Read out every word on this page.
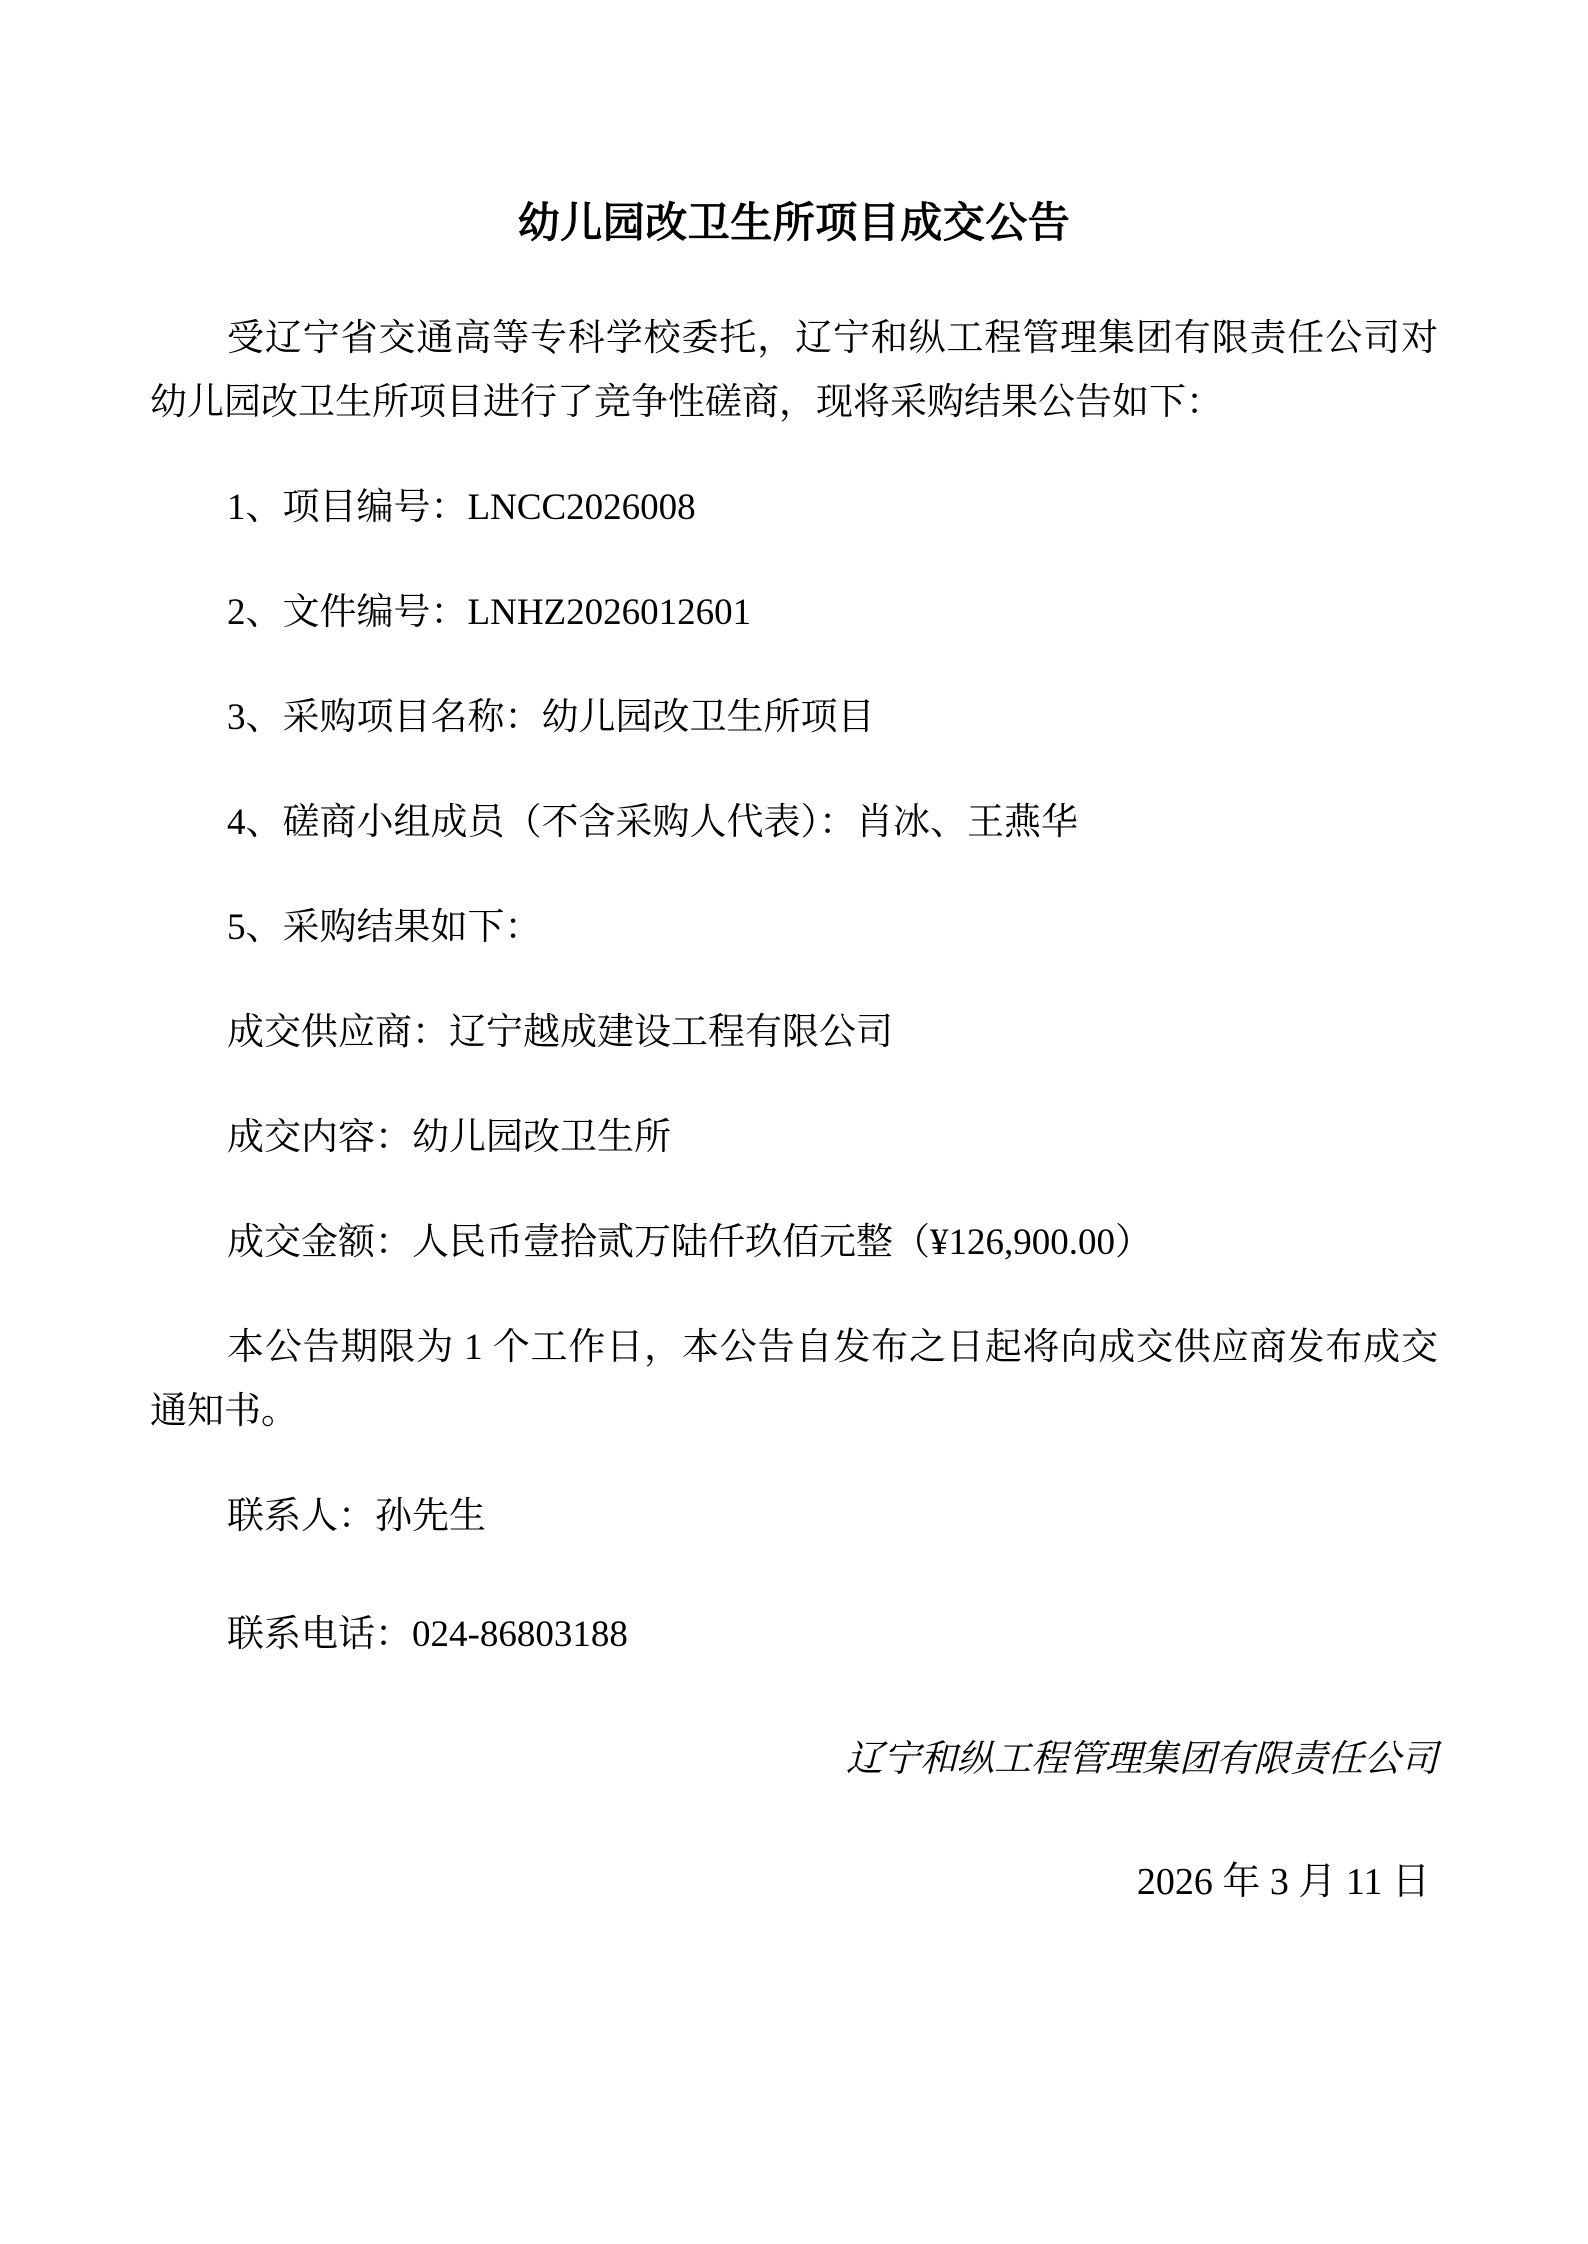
幼儿园改卫生所项目成交公告

受辽宁省交通高等专科学校委托，辽宁和纵工程管理集团有限责任公司对幼儿园改卫生所项目进行了竞争性磋商，现将采购结果公告如下：

1、项目编号：LNCC2026008

2、文件编号：LNHZ2026012601

3、采购项目名称：幼儿园改卫生所项目

4、磋商小组成员（不含采购人代表）：肖冰、王燕华

5、采购结果如下：

成交供应商：辽宁越成建设工程有限公司

成交内容：幼儿园改卫生所

成交金额：人民币壹拾贰万陆仟玖佰元整（¥126,900.00）

本公告期限为 1 个工作日，本公告自发布之日起将向成交供应商发布成交通知书。

联系人：孙先生

联系电话：024-86803188

辽宁和纵工程管理集团有限责任公司

2026 年 3 月 11 日
